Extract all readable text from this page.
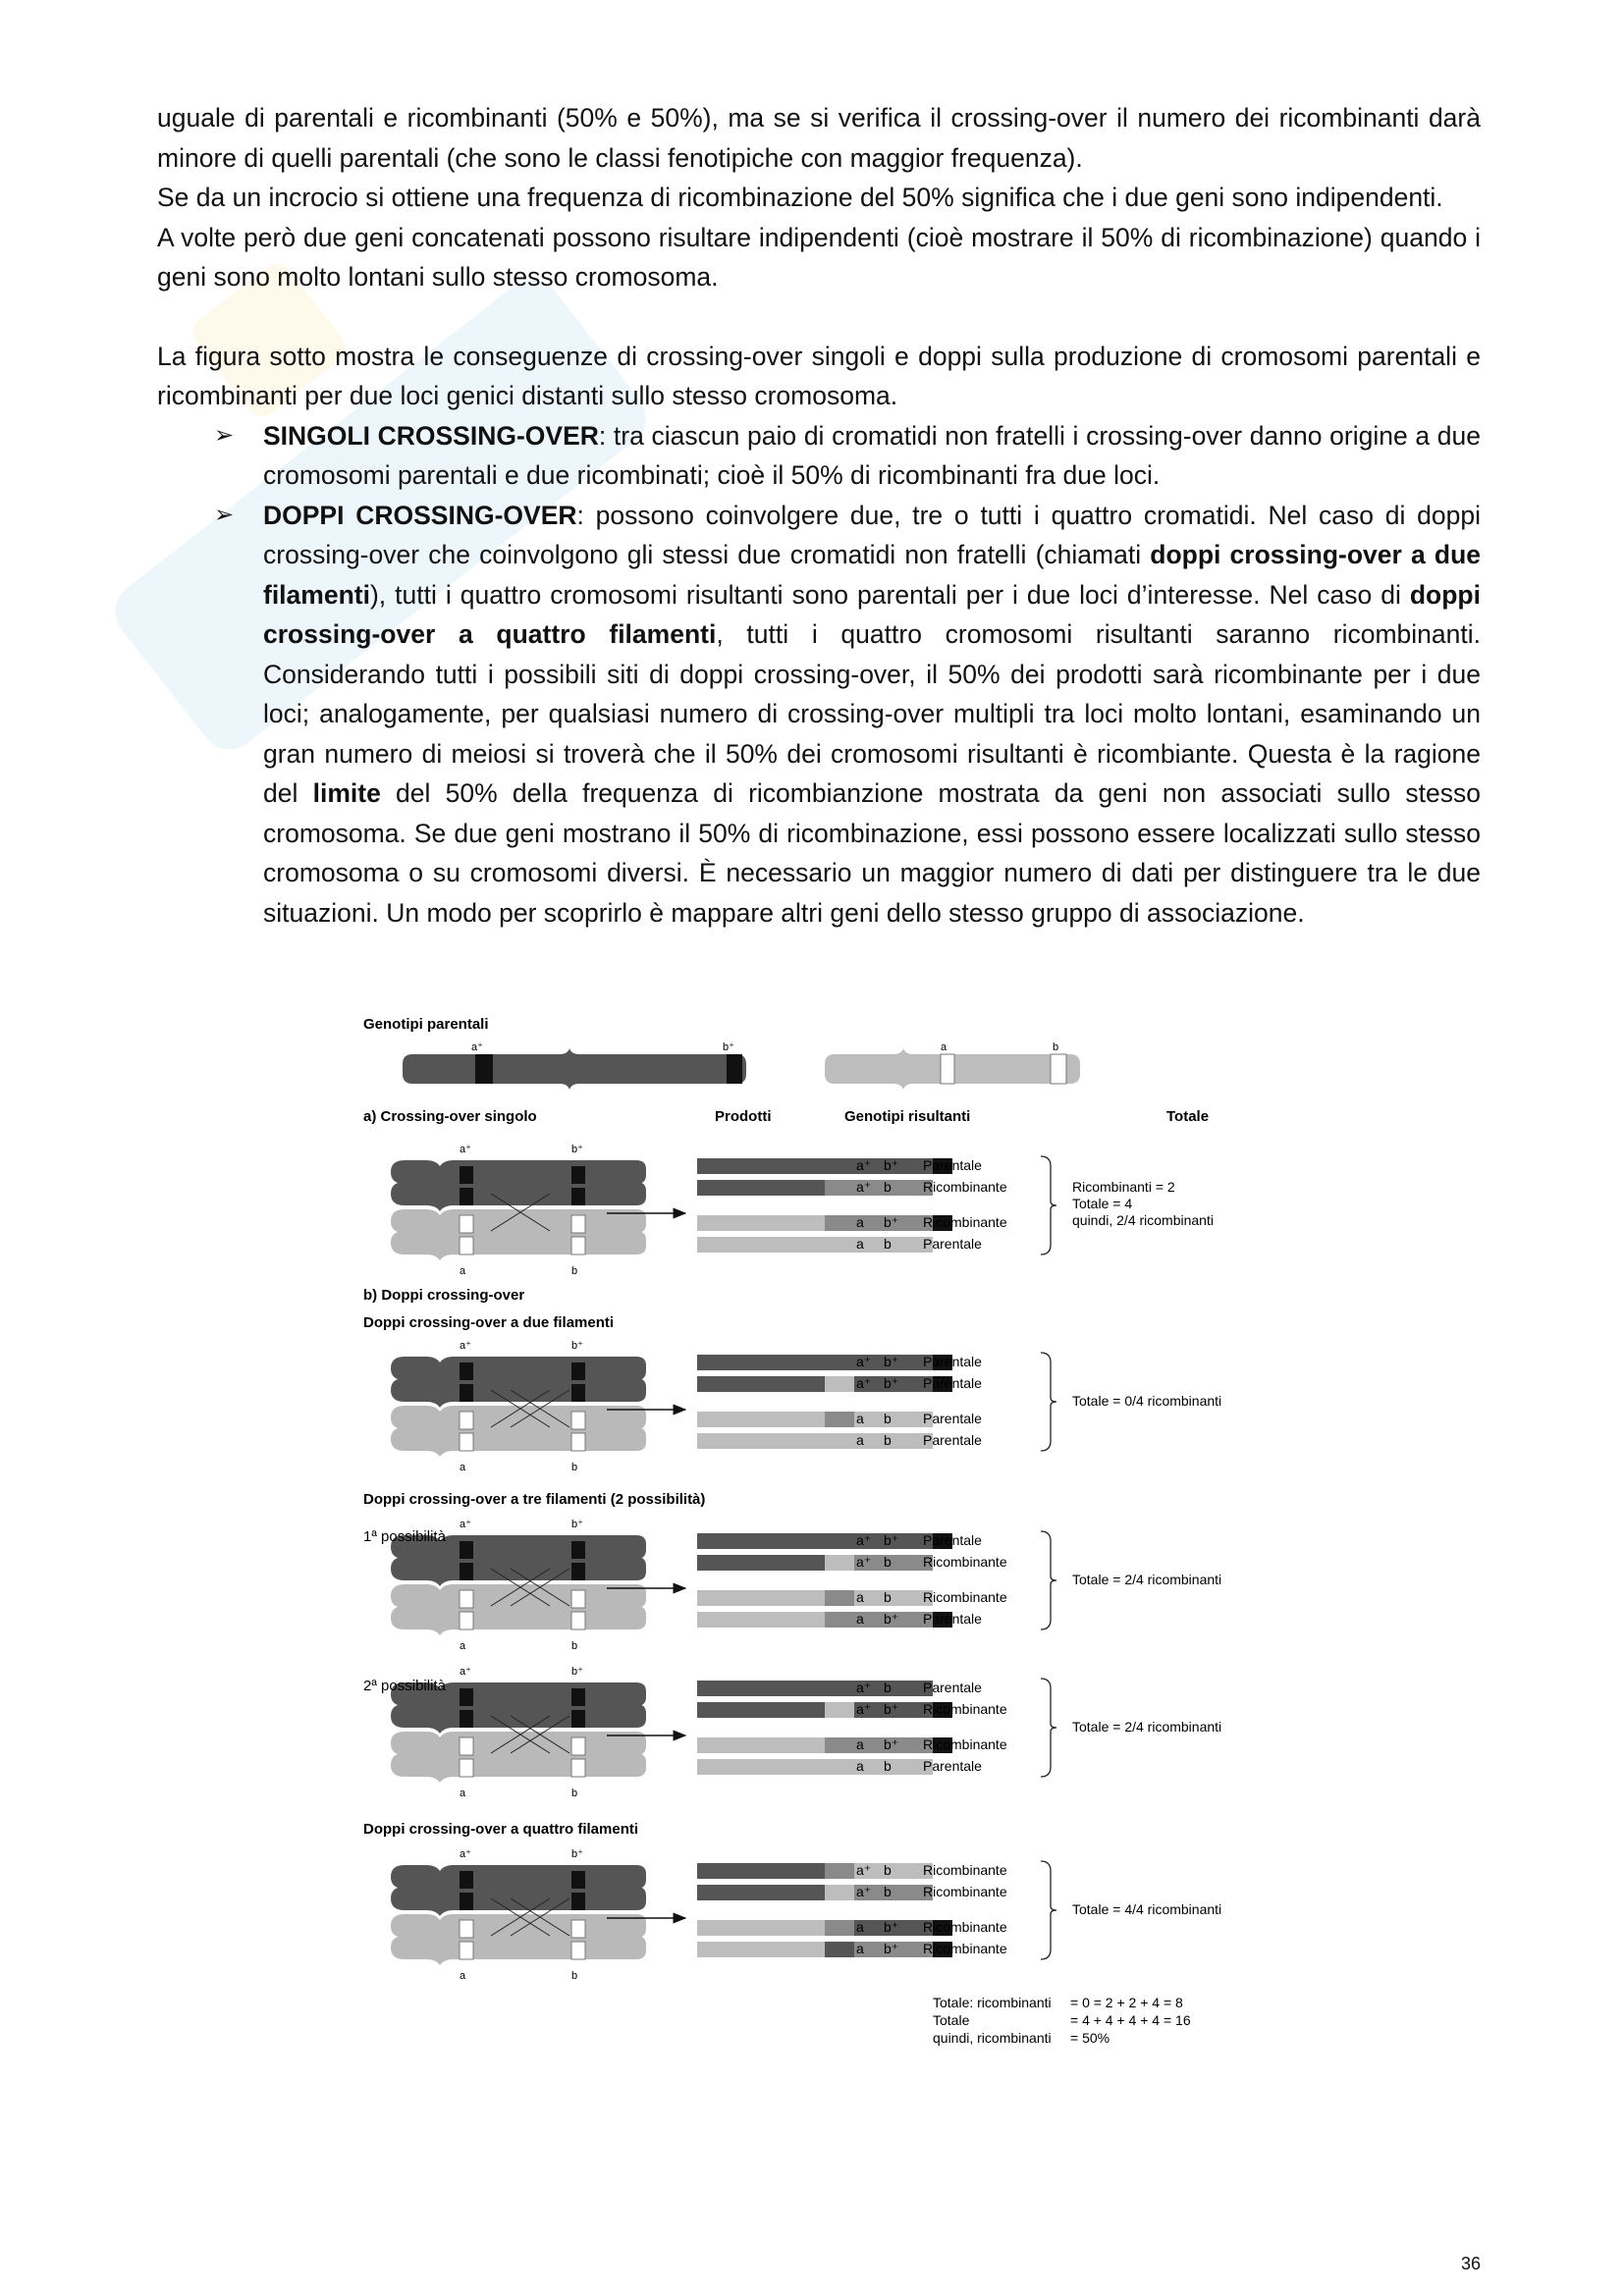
uguale di parentali e ricombinanti (50% e 50%), ma se si verifica il crossing-over il numero dei ricombinanti darà minore di quelli parentali (che sono le classi fenotipiche con maggior frequenza).

Se da un incrocio si ottiene una frequenza di ricombinazione del 50% significa che i due geni sono indipendenti.

A volte però due geni concatenati possono risultare indipendenti (cioè mostrare il 50% di ricombinazione) quando i geni sono molto lontani sullo stesso cromosoma.

La figura sotto mostra le conseguenze di crossing-over singoli e doppi sulla produzione di cromosomi parentali e ricombinanti per due loci genici distanti sullo stesso cromosoma.

➢ SINGOLI CROSSING-OVER: tra ciascun paio di cromatidi non fratelli i crossing-over danno origine a due cromosomi parentali e due ricombinati; cioè il 50% di ricombinanti fra due loci.
➢ DOPPI CROSSING-OVER: possono coinvolgere due, tre o tutti i quattro cromatidi. Nel caso di doppi crossing-over che coinvolgono gli stessi due cromatidi non fratelli (chiamati doppi crossing-over a due filamenti), tutti i quattro cromosomi risultanti sono parentali per i due loci d’interesse. Nel caso di doppi crossing-over a quattro filamenti, tutti i quattro cromosomi risultanti saranno ricombinanti. Considerando tutti i possibili siti di doppi crossing-over, il 50% dei prodotti sarà ricombinante per i due loci; analogamente, per qualsiasi numero di crossing-over multipli tra loci molto lontani, esaminando un gran numero di meiosi si troverà che il 50% dei cromosomi risultanti è ricombiante. Questa è la ragione del limite del 50% della frequenza di ricombianzione mostrata da geni non associati sullo stesso cromosoma. Se due geni mostrano il 50% di ricombinazione, essi possono essere localizzati sullo stesso cromosoma o su cromosomi diversi. È necessario un maggior numero di dati per distinguere tra le due situazioni. Un modo per scoprirlo è mappare altri geni dello stesso gruppo di associazione.
Genotipi parentali
a⁺	b⁺	a	b
a) Crossing-over singolo	Prodotti	Genotipi risultanti	Totale
a⁺	b⁺
a	b
a⁺ b⁺ Parentale
a⁺ b Ricombinante
a b⁺ Ricombinante
a b Parentale
Ricombinanti = 2
Totale = 4
quindi, 2/4 ricombinanti
a⁺	b⁺
a	b
a⁺ b⁺ Parentale
a⁺ b⁺ Parentale
a b Parentale
a b Parentale
Totale = 0/4 ricombinanti
a⁺	b⁺
a	b
a⁺ b⁺ Parentale
a⁺ b Ricombinante
a b Ricombinante
a b⁺ Parentale
Totale = 2/4 ricombinanti
a⁺	b⁺
a	b
a⁺ b Parentale
a⁺ b⁺ Ricombinante
a b⁺ Ricombinante
a b Parentale
Totale = 2/4 ricombinanti
a⁺	b⁺
a	b
a⁺ b Ricombinante
a⁺ b Ricombinante
a b⁺ Ricombinante
a b⁺ Ricombinante
Totale = 4/4 ricombinanti
b) Doppi crossing-over
Doppi crossing-over a due filamenti
Doppi crossing-over a tre filamenti (2 possibilità)
2ª possibilità
1ª possibilità
Doppi crossing-over a quattro filamenti
Totale: ricombinanti = 0 = 2 + 2 + 4 = 8
Totale	= 4 + 4 + 4 + 4 = 16
quindi, ricombinanti = 50%
36
